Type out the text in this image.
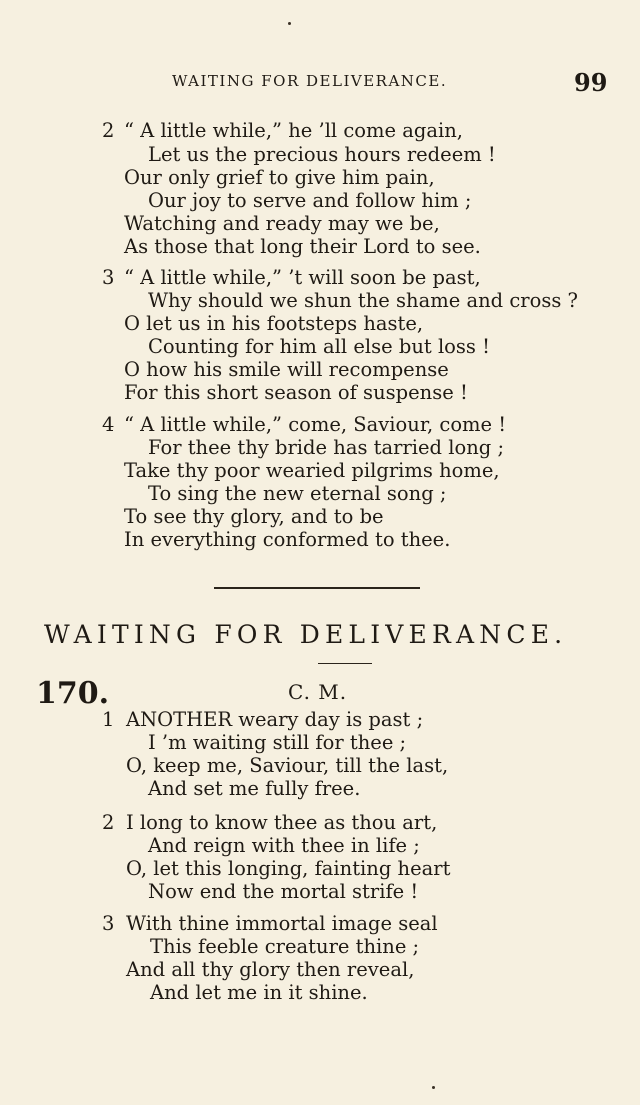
WAITING FOR DELIVERANCE.	99
2 “ A little while,” he ’ll come again,
Let us the precious hours redeem !
Our only grief to give him pain,
Our joy to serve and follow him ;
Watching and ready may we be,
As those that long their Lord to see.
3 “ A little while,” ’t will soon be past,
Why should we shun the shame and cross ?
O let us in his footsteps haste,
Counting for him all else but loss !
O how his smile will recompense
For this short season of suspense !
4 “ A little while,” come, Saviour, come !
For thee thy bride has tarried long ;
Take thy poor wearied pilgrims home,
To sing the new eternal song ;
To see thy glory, and to be
In everything conformed to thee.
WAITING FOR DELIVERANCE.
170.	C. M.
1 ANOTHER weary day is past ;
I ’m waiting still for thee ;
O, keep me, Saviour, till the last,
And set me fully free.
2 I long to know thee as thou art,
And reign with thee in life ;
O, let this longing, fainting heart
Now end the mortal strife !
3 With thine immortal image seal
This feeble creature thine ;
And all thy glory then reveal,
And let me in it shine.
